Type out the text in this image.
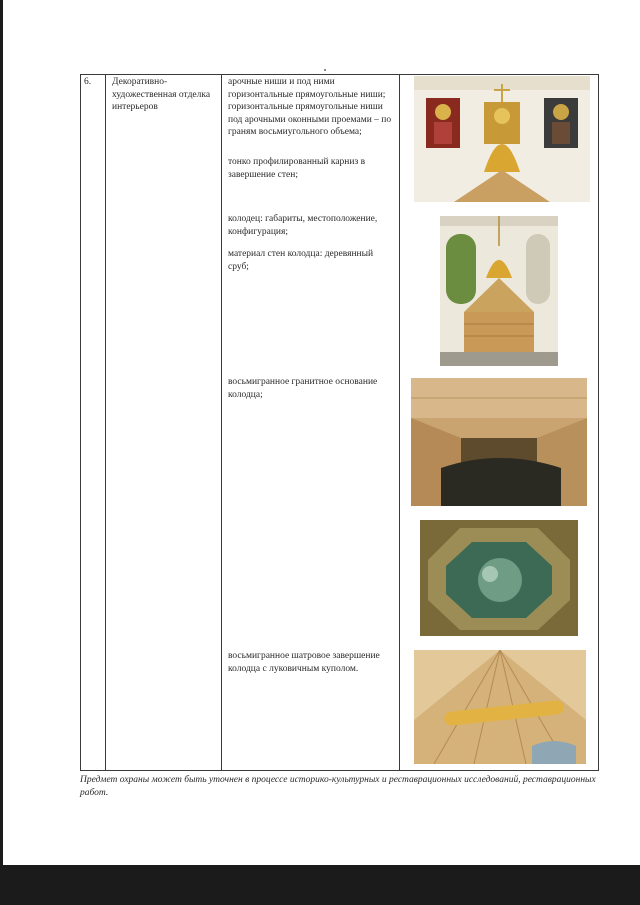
6.	Декоративно-художественная отделка интерьеров
арочные ниши и под ними горизонтальные прямоугольные ниши; горизонтальные прямоугольные ниши под арочными оконными проемами – по граням восьмиугольного объема;
тонко профилированный карниз в завершение стен;
колодец: габариты, местоположение, конфигурация;
материал стен колодца: деревянный сруб;
восьмигранное гранитное основание колодца;
восьмигранное шатровое завершение колодца с луковичным куполом.
Предмет охраны может быть уточнен в процессе историко-культурных и реставрационных исследований, реставрационных работ.
